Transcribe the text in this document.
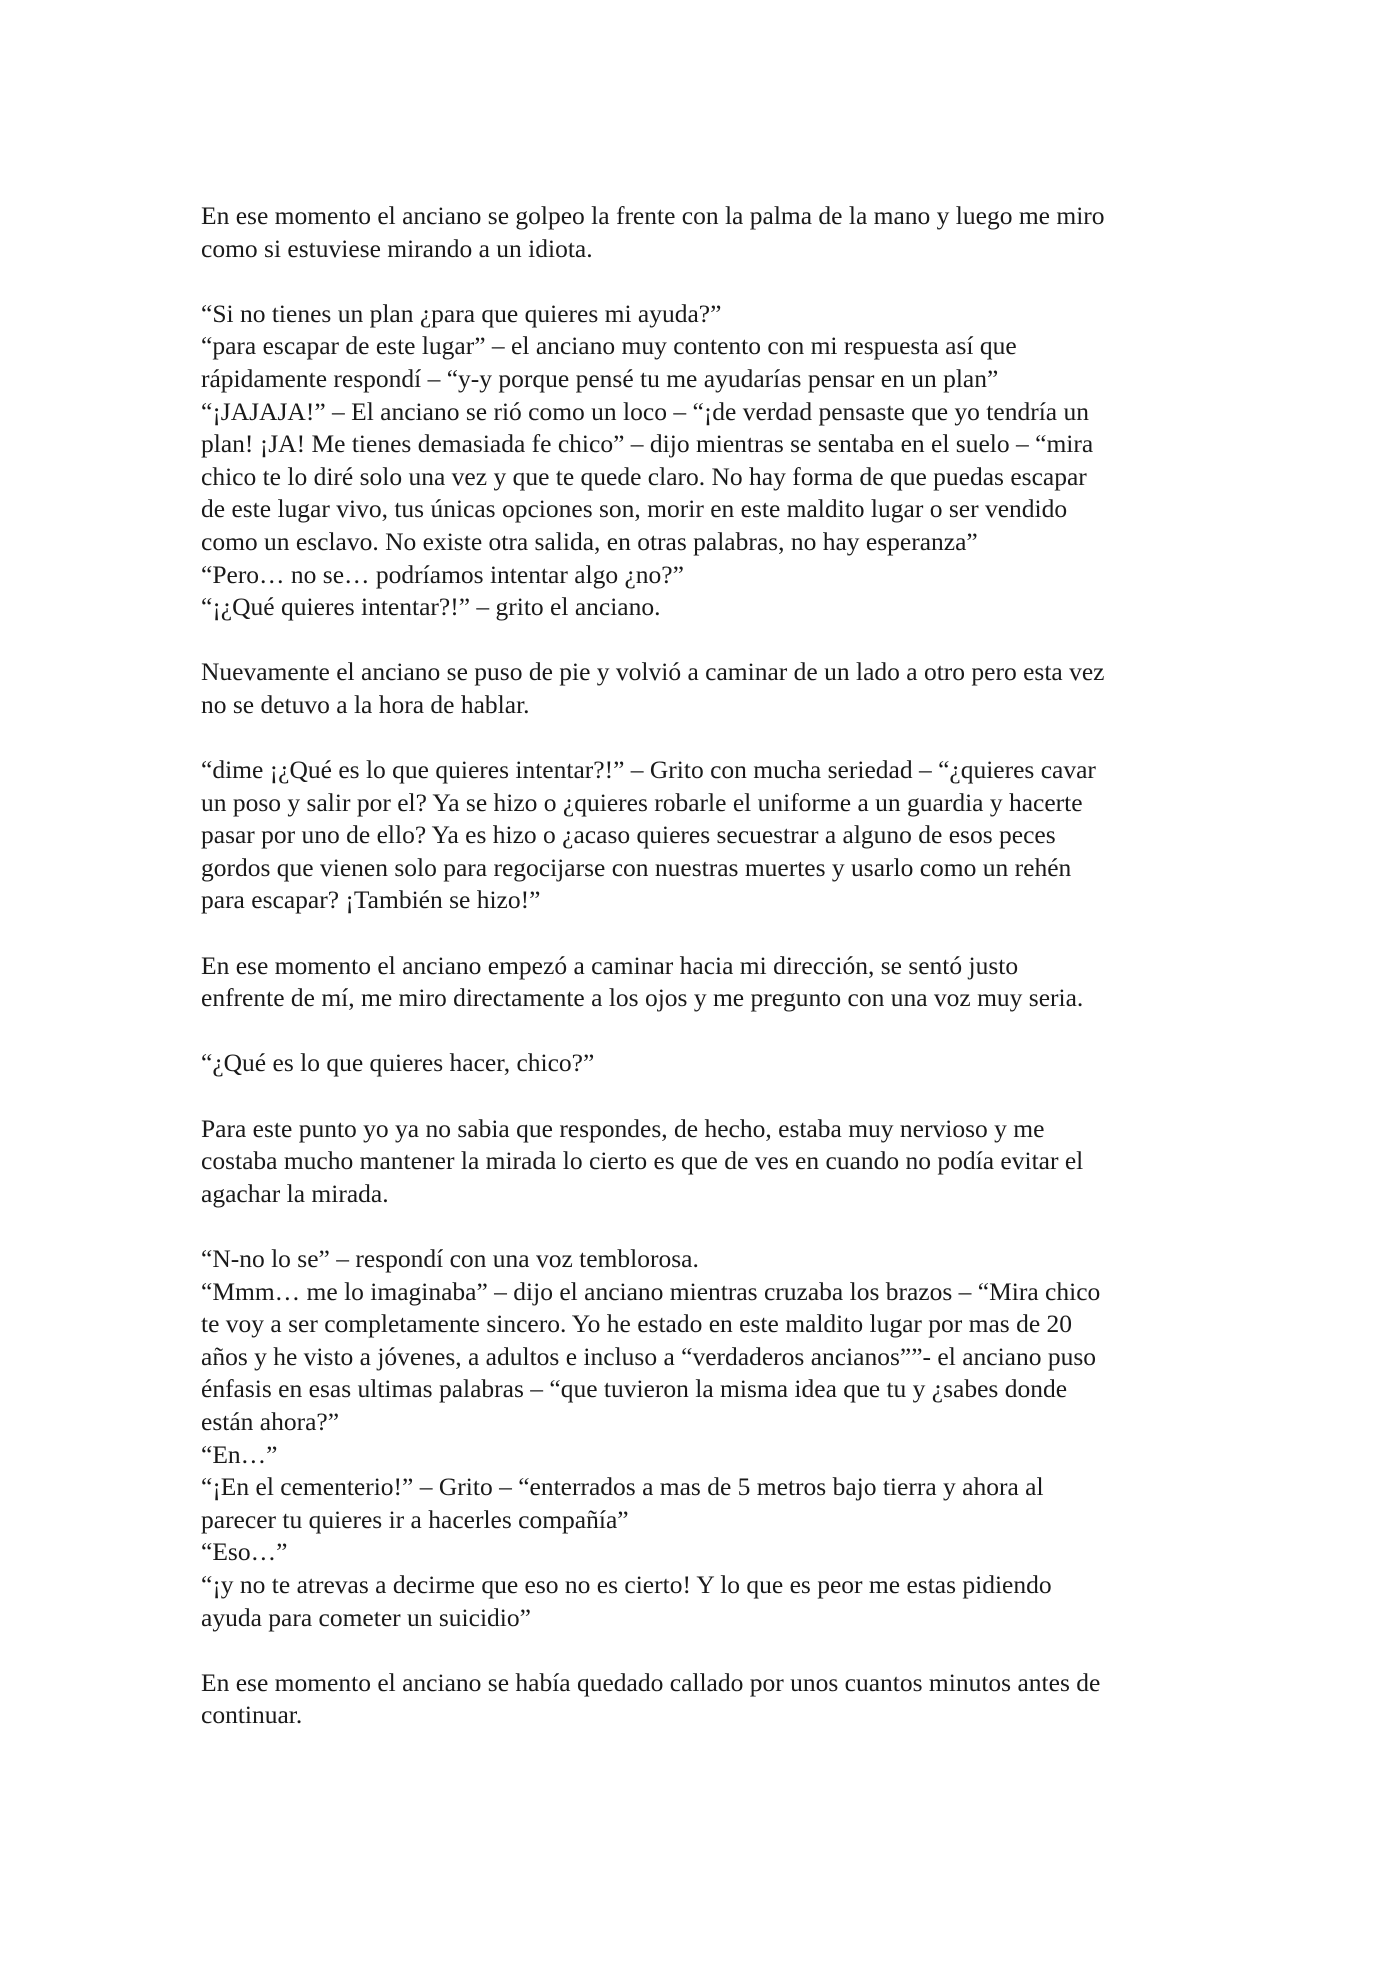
En ese momento el anciano se golpeo la frente con la palma de la mano y luego me miro
como si estuviese mirando a un idiota.
“Si no tienes un plan ¿para que quieres mi ayuda?”
“para escapar de este lugar” – el anciano muy contento con mi respuesta así que
rápidamente respondí – “y-y porque pensé tu me ayudarías pensar en un plan”
“¡JAJAJA!” – El anciano se rió como un loco – “¡de verdad pensaste que yo tendría un
plan! ¡JA! Me tienes demasiada fe chico” – dijo mientras se sentaba en el suelo – “mira
chico te lo diré solo una vez y que te quede claro. No hay forma de que puedas escapar
de este lugar vivo, tus únicas opciones son, morir en este maldito lugar o ser vendido
como un esclavo. No existe otra salida, en otras palabras, no hay esperanza”
“Pero… no se… podríamos intentar algo ¿no?”
“¡¿Qué quieres intentar?!” – grito el anciano.
Nuevamente el anciano se puso de pie y volvió a caminar de un lado a otro pero esta vez
no se detuvo a la hora de hablar.
“dime ¡¿Qué es lo que quieres intentar?!” – Grito con mucha seriedad – “¿quieres cavar
un poso y salir por el? Ya se hizo o ¿quieres robarle el uniforme a un guardia y hacerte
pasar por uno de ello? Ya es hizo o ¿acaso quieres secuestrar a alguno de esos peces
gordos que vienen solo para regocijarse con nuestras muertes y usarlo como un rehén
para escapar? ¡También se hizo!”
En ese momento el anciano empezó a caminar hacia mi dirección, se sentó justo
enfrente de mí, me miro directamente a los ojos y me pregunto con una voz muy seria.
“¿Qué es lo que quieres hacer, chico?”
Para este punto yo ya no sabia que respondes, de hecho, estaba muy nervioso y me
costaba mucho mantener la mirada lo cierto es que de ves en cuando no podía evitar el
agachar la mirada.
“N-no lo se” – respondí con una voz temblorosa.
“Mmm… me lo imaginaba” – dijo el anciano mientras cruzaba los brazos – “Mira chico
te voy a ser completamente sincero. Yo he estado en este maldito lugar por mas de 20
años y he visto a jóvenes, a adultos e incluso a “verdaderos ancianos””- el anciano puso
énfasis en esas ultimas palabras – “que tuvieron la misma idea que tu y ¿sabes donde
están ahora?”
“En…”
“¡En el cementerio!” – Grito – “enterrados a mas de 5 metros bajo tierra y ahora al
parecer tu quieres ir a hacerles compañía”
“Eso…”
“¡y no te atrevas a decirme que eso no es cierto! Y lo que es peor me estas pidiendo
ayuda para cometer un suicidio”
En ese momento el anciano se había quedado callado por unos cuantos minutos antes de
continuar.
